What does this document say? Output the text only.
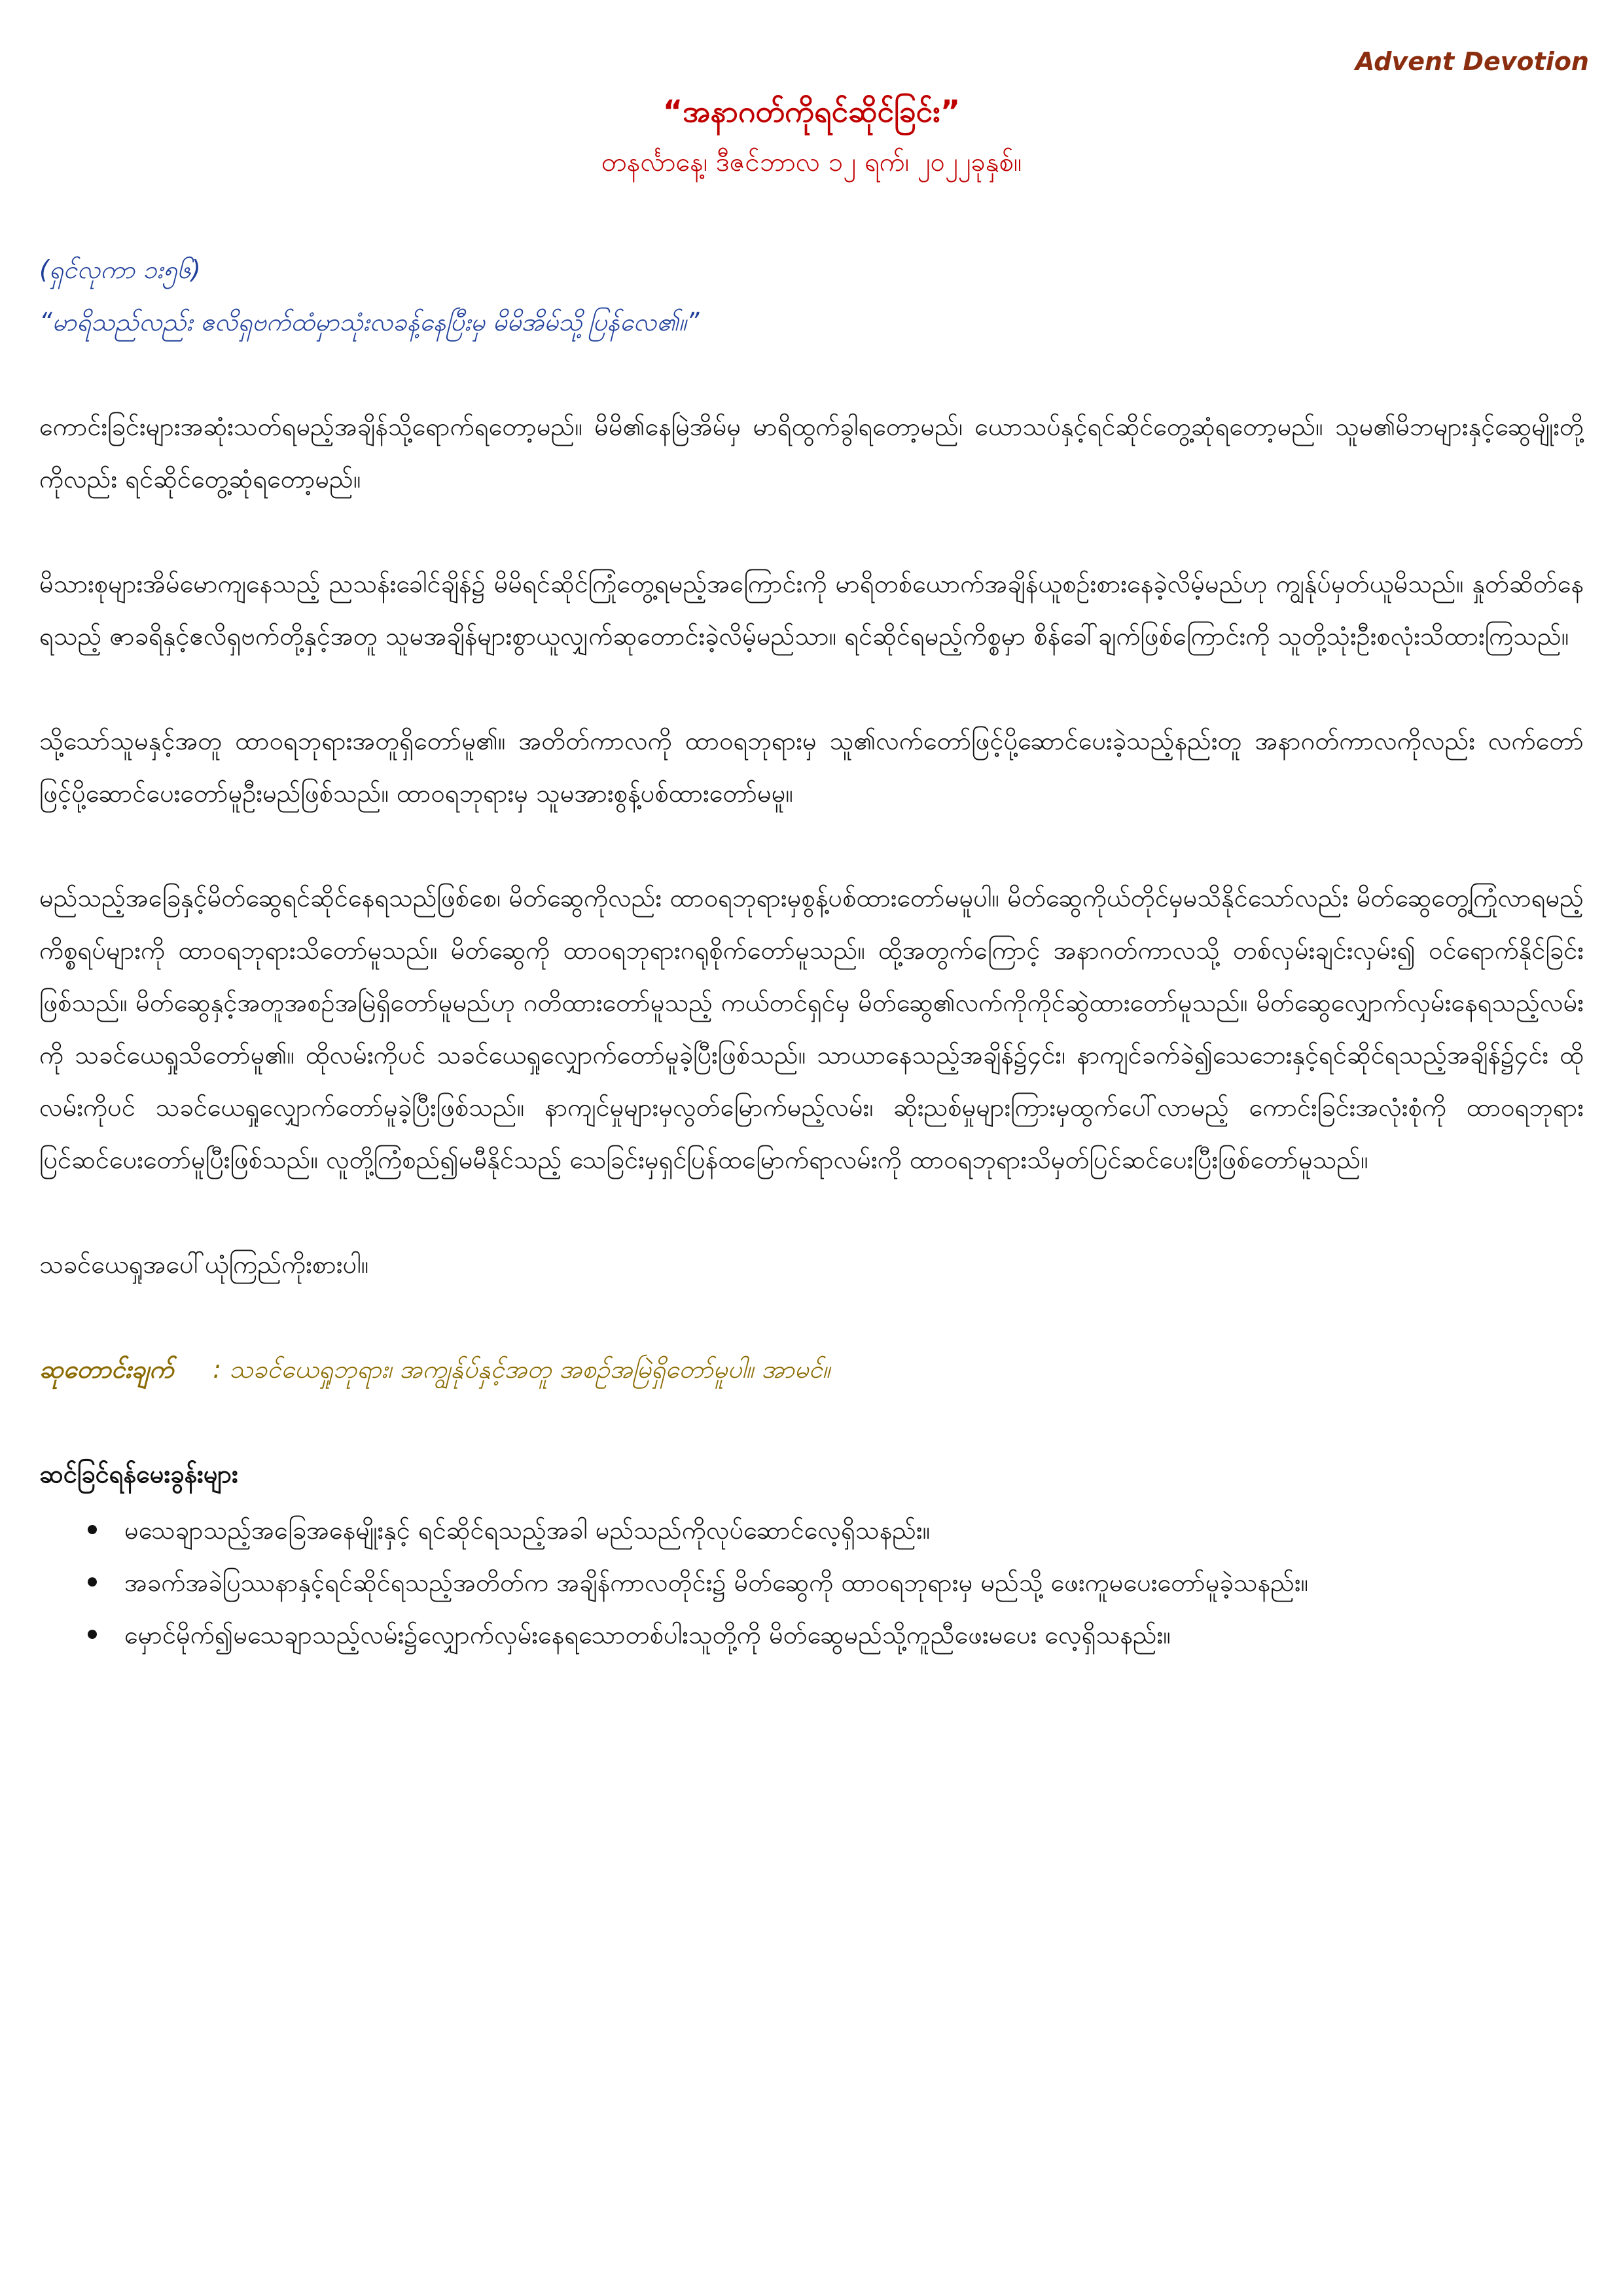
Advent Devotion
“အနာဂတ်ကိုရင်ဆိုင်ခြင်း”
တနင်္လာနေ့၊ ဒီဇင်ဘာလ ၁၂ ရက်၊ ၂၀၂၂ခုနှစ်။

(ရှင်လုကာ ၁း၅၆)

“မာရိသည်လည်း ဧလိရှဗက်ထံမှာသုံးလခန့်နေပြီးမှ မိမိအိမ်သို့ပြန်လေ၏။”

ကောင်းခြင်းများအဆုံးသတ်ရမည့်အချိန်သို့ရောက်ရတော့မည်။ မိမိ၏နေမြဲအိမ်မှ မာရိထွက်ခွါရတော့မည်၊ ယောသပ်နှင့်ရင်ဆိုင်တွေ့ဆုံရတော့မည်။ သူမ၏မိဘများနှင့်ဆွေမျိုးတို့ကိုလည်း ရင်ဆိုင်တွေ့ဆုံရတော့မည်။

မိသားစုများအိမ်မောကျနေသည့် ညသန်းခေါင်ချိန်၌ မိမိရင်ဆိုင်ကြုံတွေ့ရမည့်အကြောင်းကို မာရိတစ်ယောက်အချိန်ယူစဉ်းစားနေခဲ့လိမ့်မည်ဟု ကျွန်ုပ်မှတ်ယူမိသည်။ နှုတ်ဆိတ်နေရသည့် ဇာခရိနှင့်ဧလိရှဗက်တို့နှင့်အတူ သူမအချိန်များစွာယူလျှက်ဆုတောင်းခဲ့လိမ့်မည်သာ။ ရင်ဆိုင်ရမည့်ကိစ္စမှာ စိန်ခေါ်ချက်ဖြစ်ကြောင်းကို သူတို့သုံးဦးစလုံးသိထားကြသည်။

သို့သော်သူမနှင့်အတူ ထာဝရဘုရားအတူရှိတော်မူ၏။ အတိတ်ကာလကို ထာဝရဘုရားမှ သူ၏လက်တော်ဖြင့်ပို့ဆောင်ပေးခဲ့သည့်နည်းတူ အနာဂတ်ကာလကိုလည်း လက်တော်ဖြင့်ပို့ဆောင်ပေးတော်မူဦးမည်ဖြစ်သည်။ ထာဝရဘုရားမှ သူမအားစွန့်ပစ်ထားတော်မမူ။

မည်သည့်အခြေနှင့်မိတ်ဆွေရင်ဆိုင်နေရသည်ဖြစ်စေ၊ မိတ်ဆွေကိုလည်း ထာဝရဘုရားမှစွန့်ပစ်ထားတော်မမူပါ။ မိတ်ဆွေကိုယ်တိုင်မှမသိနိုင်သော်လည်း မိတ်ဆွေတွေ့ကြုံလာရမည့်ကိစ္စရပ်များကို ထာဝရဘုရားသိတော်မူသည်။ မိတ်ဆွေကို ထာဝရဘုရားဂရုစိုက်တော်မူသည်။ ထို့အတွက်ကြောင့် အနာဂတ်ကာလသို့ တစ်လှမ်းချင်းလှမ်း၍ ဝင်ရောက်နိုင်ခြင်းဖြစ်သည်။ မိတ်ဆွေနှင့်အတူအစဉ်အမြဲရှိတော်မူမည်ဟု ဂတိထားတော်မူသည့် ကယ်တင်ရှင်မှ မိတ်ဆွေ၏လက်ကိုကိုင်ဆွဲထားတော်မူသည်။ မိတ်ဆွေလျှောက်လှမ်းနေရသည့်လမ်းကို သခင်ယေရှုသိတော်မူ၏။ ထိုလမ်းကိုပင် သခင်ယေရှုလျှောက်တော်မူခဲ့ပြီးဖြစ်သည်။ သာယာနေသည့်အချိန်၌၄င်း၊ နာကျင်ခက်ခဲ၍သေဘေးနှင့်ရင်ဆိုင်ရသည့်အချိန်၌၄င်း ထိုလမ်းကိုပင် သခင်ယေရှုလျှောက်တော်မူခဲ့ပြီးဖြစ်သည်။ နာကျင်မှုများမှလွတ်မြောက်မည့်လမ်း၊ ဆိုးညစ်မှုများကြားမှထွက်ပေါ်လာမည့် ကောင်းခြင်းအလုံးစုံကို ထာဝရဘုရားပြင်ဆင်ပေးတော်မူပြီးဖြစ်သည်။ လူတို့ကြံစည်၍မမီနိုင်သည့် သေခြင်းမှရှင်ပြန်ထမြောက်ရာလမ်းကို ထာဝရဘုရားသိမှတ်ပြင်ဆင်ပေးပြီးဖြစ်တော်မူသည်။

သခင်ယေရှုအပေါ်ယုံကြည်ကိုးစားပါ။

ဆုတောင်းချက် : သခင်ယေရှုဘုရား၊ အကျွန်ုပ်နှင့်အတူ အစဉ်အမြဲရှိတော်မူပါ။ အာမင်။

ဆင်ခြင်ရန်မေးခွန်းများ

မသေချာသည့်အခြေအနေမျိုးနှင့် ရင်ဆိုင်ရသည့်အခါ မည်သည်ကိုလုပ်ဆောင်လေ့ရှိသနည်း။
အခက်အခဲပြဿနာနှင့်ရင်ဆိုင်ရသည့်အတိတ်က အချိန်ကာလတိုင်း၌ မိတ်ဆွေကို ထာဝရဘုရားမှ မည်သို့ ဖေးကူမပေးတော်မူခဲ့သနည်း။
မှောင်မိုက်၍မသေချာသည့်လမ်း၌လျှောက်လှမ်းနေရသောတစ်ပါးသူတို့ကို မိတ်ဆွေမည်သို့ကူညီဖေးမပေး လေ့ရှိသနည်း။
